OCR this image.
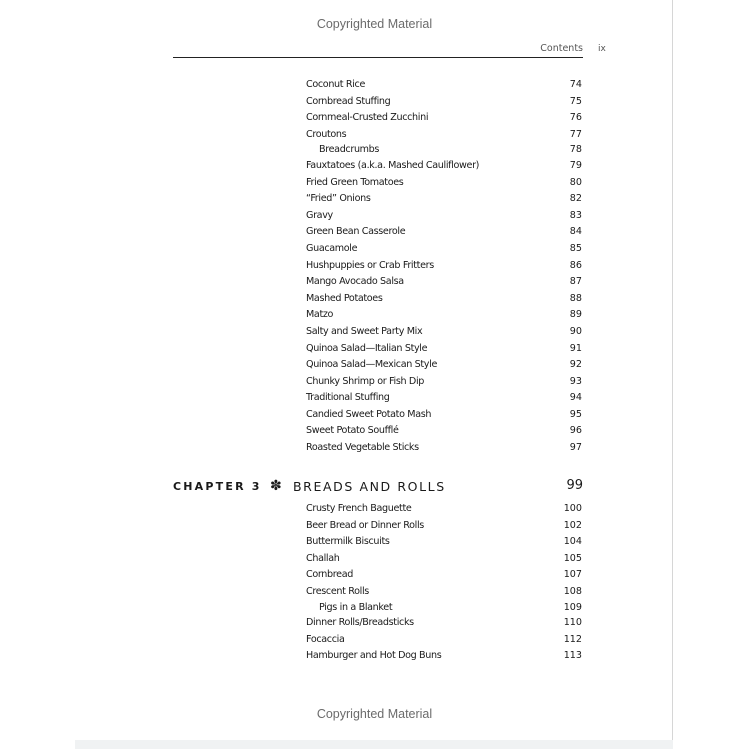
Copyrighted Material
Contents ix
Coconut Rice	74
Cornbread Stuffing	75
Cornmeal-Crusted Zucchini	76
Croutons	77
Breadcrumbs	78
Fauxtatoes (a.k.a. Mashed Cauliflower)	79
Fried Green Tomatoes	80
“Fried” Onions	82
Gravy	83
Green Bean Casserole	84
Guacamole	85
Hushpuppies or Crab Fritters	86
Mango Avocado Salsa	87
Mashed Potatoes	88
Matzo	89
Salty and Sweet Party Mix	90
Quinoa Salad—Italian Style	91
Quinoa Salad—Mexican Style	92
Chunky Shrimp or Fish Dip	93
Traditional Stuffing	94
Candied Sweet Potato Mash	95
Sweet Potato Soufflé	96
Roasted Vegetable Sticks	97
CHAPTER 3 ✽ BREADS AND ROLLS	99
Crusty French Baguette	100
Beer Bread or Dinner Rolls	102
Buttermilk Biscuits	104
Challah	105
Cornbread	107
Crescent Rolls	108
Pigs in a Blanket	109
Dinner Rolls/Breadsticks	110
Focaccia	112
Hamburger and Hot Dog Buns	113
Copyrighted Material
